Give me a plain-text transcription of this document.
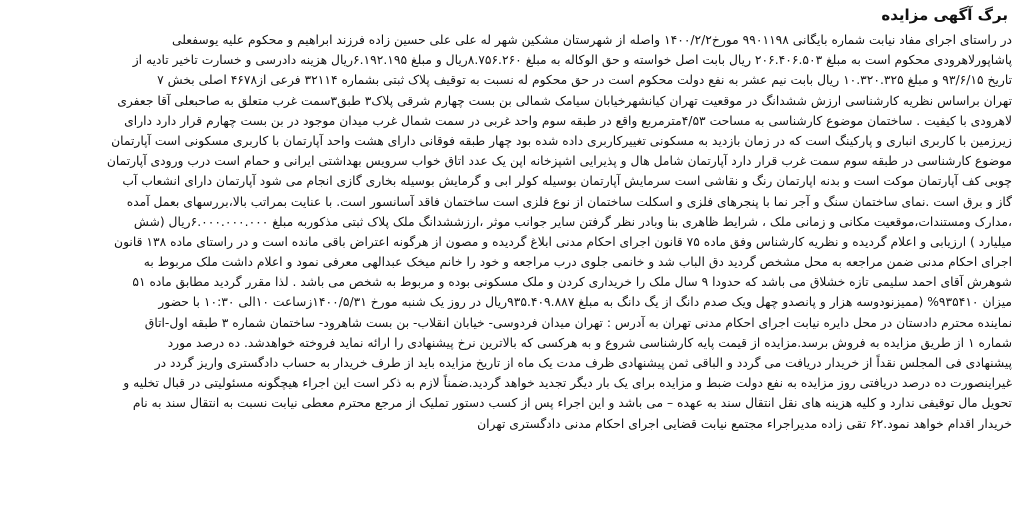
برگ آگهی مزایده
در راستای اجرای مفاد نیابت شماره بایگانی ۹۹۰۱۱۹۸ مورخ۱۴۰۰/۲/۲ واصله از شهرستان مشکین شهر له علی علی حسین زاده فرزند ابراهیم و محکوم علیه یوسفعلی
پاشاپورلاهرودی محکوم است به مبلغ ۲۰۶.۴۰۶.۵۰۳ ریال بابت اصل خواسته و حق الوکاله به مبلغ ۸.۷۵۶.۲۶۰ریال و مبلغ ۶.۱۹۲.۱۹۵ریال هزینه دادرسی و خسارت تاخیر تادیه از
تاریخ ۹۳/۶/۱۵ و مبلغ ۱۰.۳۲۰.۳۲۵ ریال بابت نیم عشر به نفع دولت محکوم است در حق محکوم له نسبت به توقیف پلاک ثبتی بشماره ۳۲۱۱۴ فرعی از۴۶۷۸ اصلی بخش ۷
تهران براساس نظریه کارشناسی ارزش ششدانگ در موقعیت تهران کیانشهرخیابان سیامک شمالی بن بست چهارم شرقی پلاک۳ طبق۳سمت غرب متعلق به صاحبعلی آقا جعفری
لاهرودی با کیفیت . ساختمان موضوع کارشناسی به مساحت ۴/۵۳مترمربع واقع در طبقه سوم واحد غربی در سمت شمال غرب میدان موجود در بن بست چهارم قرار دارد دارای
زیرزمین با کاربری انباری و پارکینگ است که در زمان بازدید به مسکونی تغییرکاربری داده شده بود چهار طبقه فوقانی دارای هشت واحد آپارتمان با کاربری مسکونی است آپارتمان
موضوع کارشناسی در طبقه سوم سمت غرب قرار دارد آپارتمان شامل هال و پذیرایی اشپزخانه اپن یک عدد اتاق خواب سرویس بهداشتی ایرانی و حمام است درب ورودی آپارتمان
چوبی کف آپارتمان موکت است و بدنه اپارتمان رنگ و نقاشی است سرمایش آپارتمان بوسیله کولر ابی و گرمایش بوسیله بخاری گازی انجام می شود آپارتمان دارای انشعاب آب
گاز و برق است .نمای ساختمان سنگ و آجر نما با پنجرهای فلزی و اسکلت ساختمان از نوع فلزی است ساختمان فاقد آسانسور است. با عنایت بمراتب بالا،بررسهای بعمل آمده
،مدارک ومستندات،موقعیت مکانی و زمانی ملک ، شرایط ظاهری بنا وبادر نظر گرفتن سایر جوانب موثر ،ارزششدانگ ملک پلاک ثبتی مذکوربه مبلغ ۶.۰۰۰.۰۰۰.۰۰۰ریال (شش
میلیارد ) ارزیابی و اعلام گردیده و نظریه کارشناس وفق ماده ۷۵ قانون اجرای احکام مدنی ابلاغ گردیده و مصون از هرگونه اعتراض باقی مانده است و در راستای ماده ۱۳۸ قانون
اجرای احکام مدنی ضمن مراجعه به محل مشخص گردید دق الباب شد و خانمی جلوی درب مراجعه و خود را خانم میخک عبدالهی معرفی نمود و اعلام داشت ملک مربوط به
شوهرش آقای احمد سلیمی تازه خشلاق می باشد که حدودا ۹ سال ملک را خریداری کردن و ملک مسکونی بوده و مربوط به شخص می باشد . لذا مقرر گردید مطابق ماده ۵۱
میزان ۹۳۵۴۱۰% (ممیزنودوسه هزار و پانصدو چهل ویک صدم دانگ از یگ دانگ به مبلغ ۹۳۵.۴۰۹.۸۸۷ریال در روز یک شنبه مورخ ۱۴۰۰/۵/۳۱زساعت ۱۰الی ۱۰:۳۰ با حضور
نماینده محترم دادستان در محل دایره نیابت اجرای احکام مدنی تهران به آدرس : تهران میدان فردوسی- خیابان انقلاب- بن بست شاهرود- ساختمان شماره ۳ طبقه اول-اتاق
شماره ۱ از طریق مزایده به فروش برسد.مزایده از قیمت پایه کارشناسی شروع و به هرکسی که بالاترین نرخ پیشنهادی را ارائه نماید فروخته خواهدشد. ده درصد مورد
پیشنهادی فی المجلس نقداً از خریدار دریافت می گردد و الباقی ثمن پیشنهادی ظرف مدت یک ماه از تاریخ مزایده باید از طرف خریدار به حساب دادگستری واریز گردد در
غیراینصورت ده درصد دریافتی روز مزایده به نفع دولت ضبط و مزایده برای یک بار دیگر تجدید خواهد گردید.ضمناً لازم به ذکر است این اجراء هیچگونه مسئولیتی در قبال تخلیه و
تحویل مال توقیفی ندارد و کلیه هزینه های نقل انتقال سند به عهده – می باشد و این اجراء پس از کسب دستور تملیک از مرجع محترم معطی نیابت نسبت به انتقال سند به نام
خریدار اقدام خواهد نمود.۶۲ تقی زاده مدیراجراء مجتمع نیابت قضایی اجرای احکام مدنی دادگستری تهران
